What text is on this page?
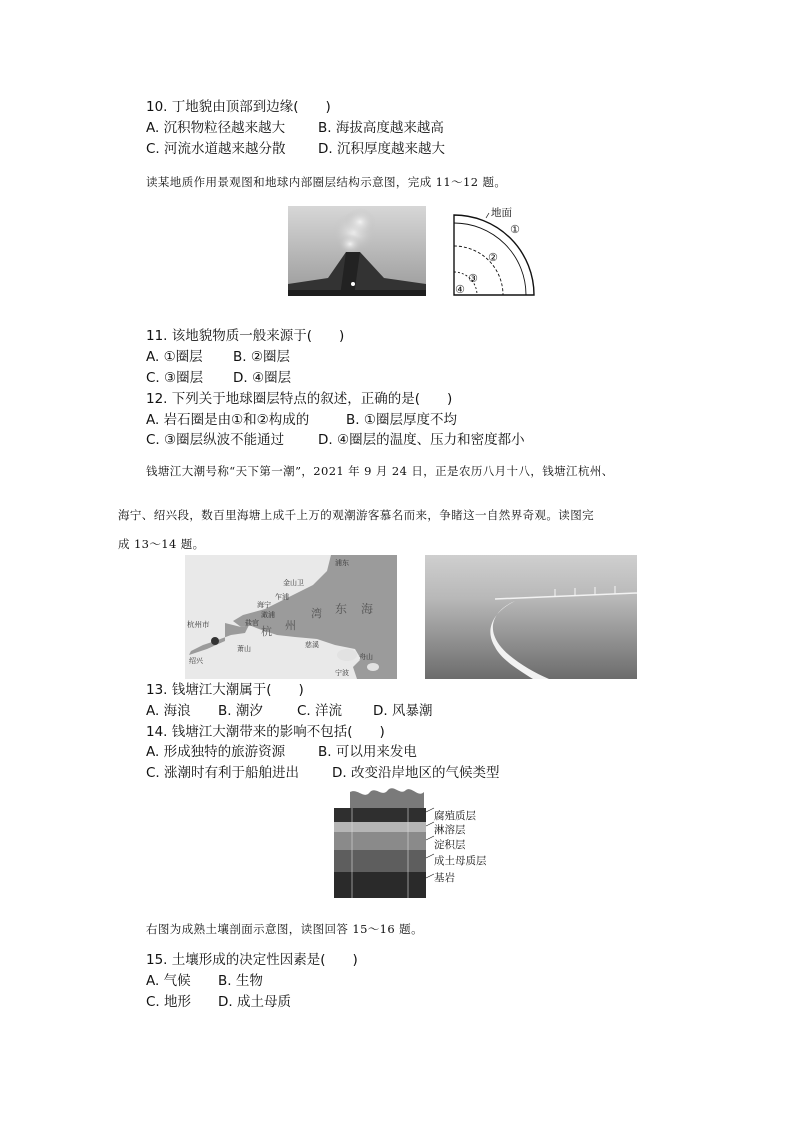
10. 丁地貌由顶部到边缘(　　)
A. 沉积物粒径越来越大 B. 海拔高度越来越高
C. 河流水道越来越分散 D. 沉积厚度越来越大
读某地质作用景观图和地球内部圈层结构示意图，完成 11～12 题。
地面
①
②
③
④
11. 该地貌物质一般来源于(　　)
A. ①圈层 B. ②圈层
C. ③圈层 D. ④圈层
12. 下列关于地球圈层特点的叙述，正确的是(　　)
A. 岩石圈是由①和②构成的	B. ①圈层厚度不均
C. ③圈层纵波不能通过	D. ④圈层的温度、压力和密度都小
钱塘江大潮号称“天下第一潮”，2021 年 9 月 24 日，正是农历八月十八，钱塘江杭州、
海宁、绍兴段，数百里海塘上成千上万的观潮游客慕名而来，争睹这一自然界奇观。读图完
成 13～14 题。
杭州市
海宁
金山卫
乍浦
澉浦
盐官
湾
杭 州
东 海
绍兴
萧山	慈溪
舟山
宁波
浦东
13. 钱塘江大潮属于(　　)
A. 海浪 B. 潮汐	C. 洋流 D. 风暴潮
14. 钱塘江大潮带来的影响不包括(　　)
A. 形成独特的旅游资源 B. 可以用来发电
C. 涨潮时有利于船舶进出 D. 改变沿岸地区的气候类型
腐殖质层
淋溶层
淀积层
成土母质层
基岩
右图为成熟土壤剖面示意图，读图回答 15～16 题。
15. 土壤形成的决定性因素是(　　)
A. 气候 B. 生物
C. 地形 D. 成土母质
